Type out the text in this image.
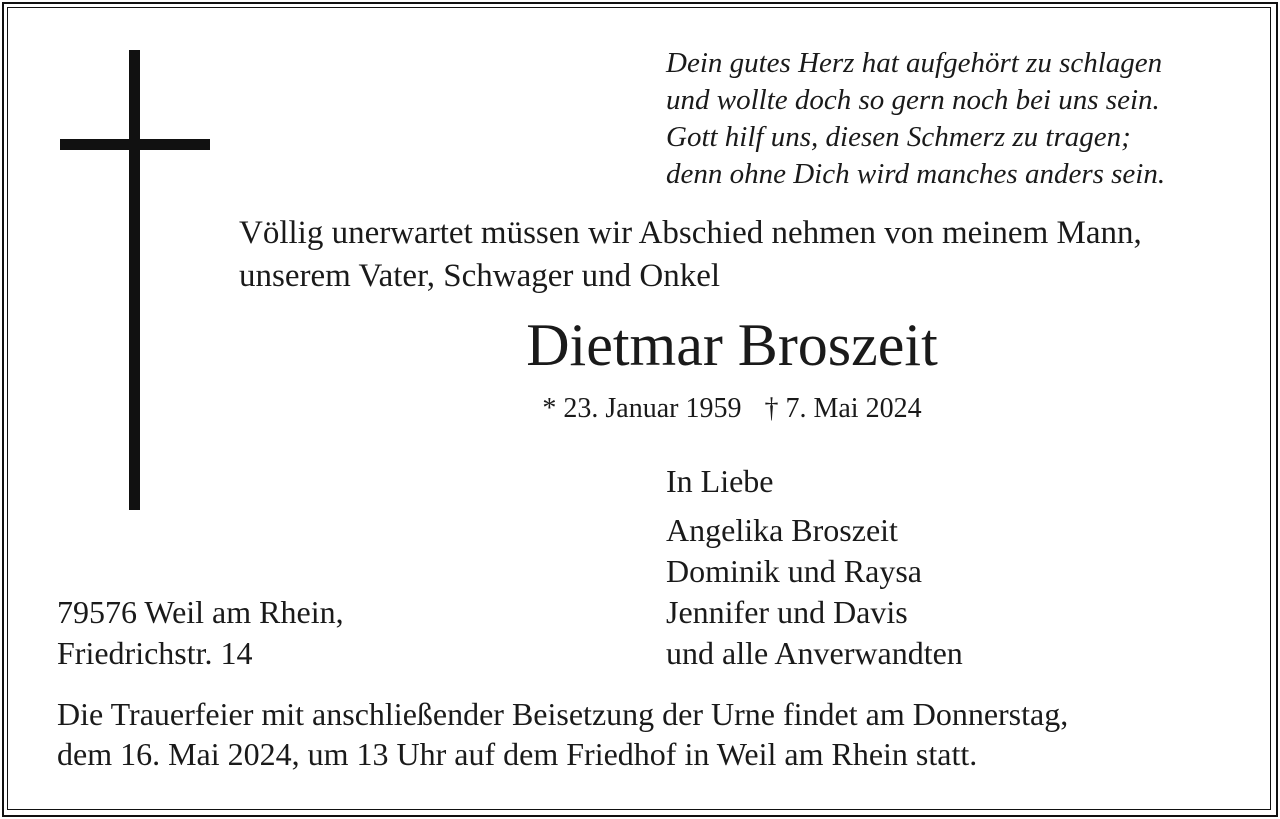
Dein gutes Herz hat aufgehört zu schlagen
und wollte doch so gern noch bei uns sein.
Gott hilf uns, diesen Schmerz zu tragen;
denn ohne Dich wird manches anders sein.
Völlig unerwartet müssen wir Abschied nehmen von meinem Mann,
unserem Vater, Schwager und Onkel
Dietmar Broszeit
* 23. Januar 1959 † 7. Mai 2024
In Liebe
Angelika Broszeit
Dominik und Raysa
Jennifer und Davis
und alle Anverwandten
79576 Weil am Rhein,
Friedrichstr. 14
Die Trauerfeier mit anschließender Beisetzung der Urne findet am Donnerstag,
dem 16. Mai 2024, um 13 Uhr auf dem Friedhof in Weil am Rhein statt.
